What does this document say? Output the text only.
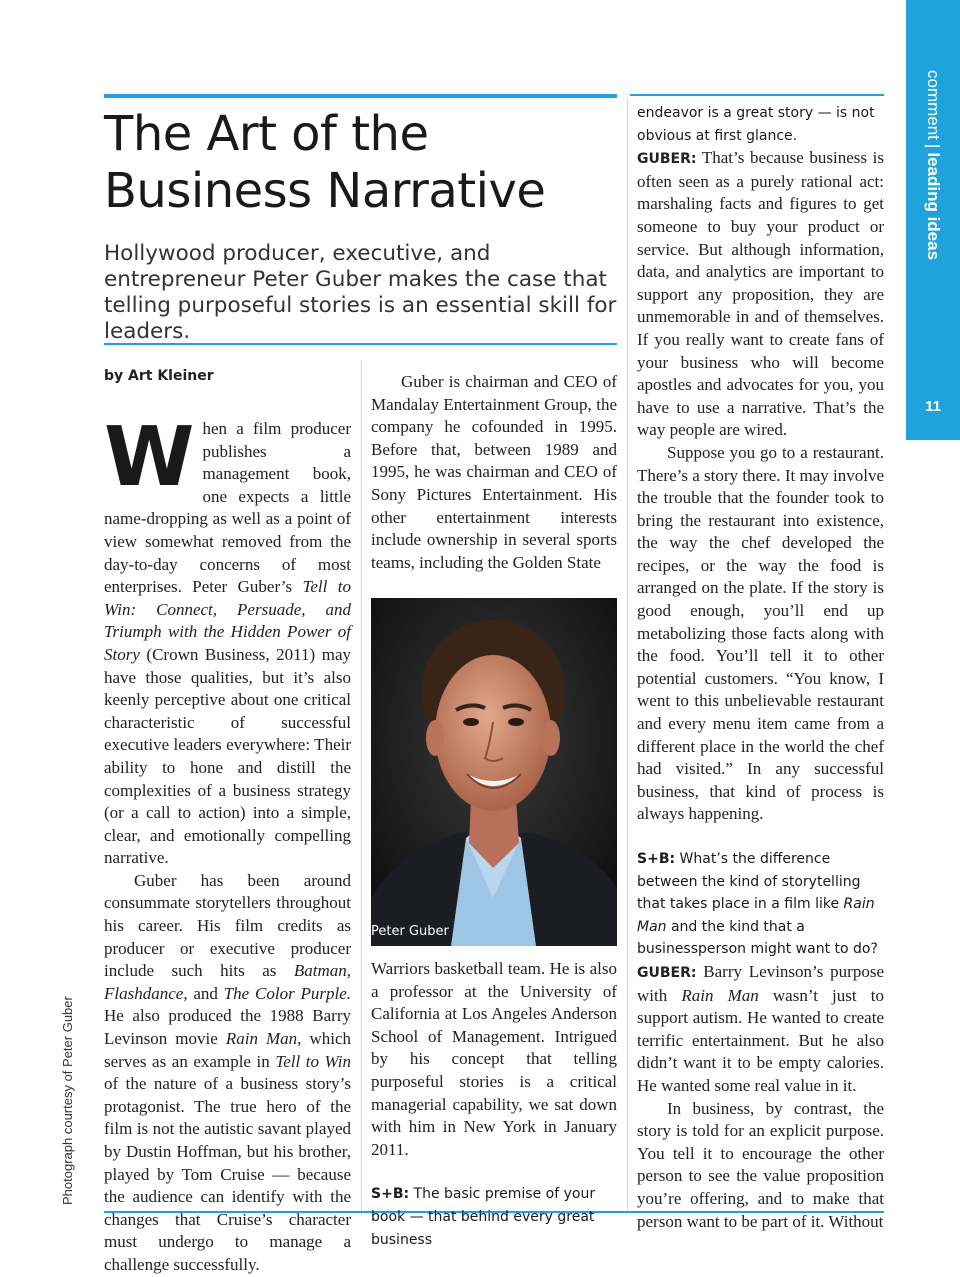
comment|leading ideas
11
Photograph courtesy of Peter Guber
The Art of the
Business Narrative
Hollywood producer, executive, and entrepreneur Peter Guber makes the case that telling purposeful stories is an essential skill for leaders.
by Art Kleiner

When a film producer publishes a management book, one expects a little name-dropping as well as a point of view somewhat removed from the day-to-day concerns of most enterprises. Peter Guber’s Tell to Win: Connect, Persuade, and Triumph with the Hidden Power of Story (Crown Business, 2011) may have those qualities, but it’s also keenly perceptive about one critical characteristic of successful executive leaders everywhere: Their ability to hone and distill the complexities of a business strategy (or a call to action) into a simple, clear, and emotionally compelling narrative.

Guber has been around consummate storytellers throughout his career. His film credits as producer or executive producer include such hits as Batman, Flashdance, and The Color Purple. He also produced the 1988 Barry Levinson movie Rain Man, which serves as an example in Tell to Win of the nature of a business story’s protagonist. The true hero of the film is not the autistic savant played by Dustin Hoffman, but his brother, played by Tom Cruise — because the audience can identify with the changes that Cruise’s character must undergo to manage a challenge successfully.

Guber is chairman and CEO of Mandalay Entertainment Group, the company he cofounded in 1995. Before that, between 1989 and 1995, he was chairman and CEO of Sony Pictures Entertainment. His other entertainment interests include ownership in several sports teams, including the Golden State

Peter Guber

Warriors basketball team. He is also a professor at the University of California at Los Angeles Anderson School of Management. Intrigued by his concept that telling purposeful stories is a critical managerial capability, we sat down with him in New York in January 2011.

S+B: The basic premise of your book — that behind every great business

endeavor is a great story — is not obvious at first glance.

GUBER: That’s because business is often seen as a purely rational act: marshaling facts and figures to get someone to buy your product or service. But although information, data, and analytics are important to support any proposition, they are unmemorable in and of themselves. If you really want to create fans of your business who will become apostles and advocates for you, you have to use a narrative. That’s the way people are wired.

Suppose you go to a restaurant. There’s a story there. It may involve the trouble that the founder took to bring the restaurant into existence, the way the chef developed the recipes, or the way the food is arranged on the plate. If the story is good enough, you’ll end up metabolizing those facts along with the food. You’ll tell it to other potential customers. “You know, I went to this unbelievable restaurant and every menu item came from a different place in the world the chef had visited.” In any successful business, that kind of process is always happening.

S+B: What’s the difference between the kind of storytelling that takes place in a film like Rain Man and the kind that a businessperson might want to do?

GUBER: Barry Levinson’s purpose with Rain Man wasn’t just to support autism. He wanted to create terrific entertainment. But he also didn’t want it to be empty calories. He wanted some real value in it.

In business, by contrast, the story is told for an explicit purpose. You tell it to encourage the other person to see the value proposition you’re offering, and to make that person want to be part of it. Without
